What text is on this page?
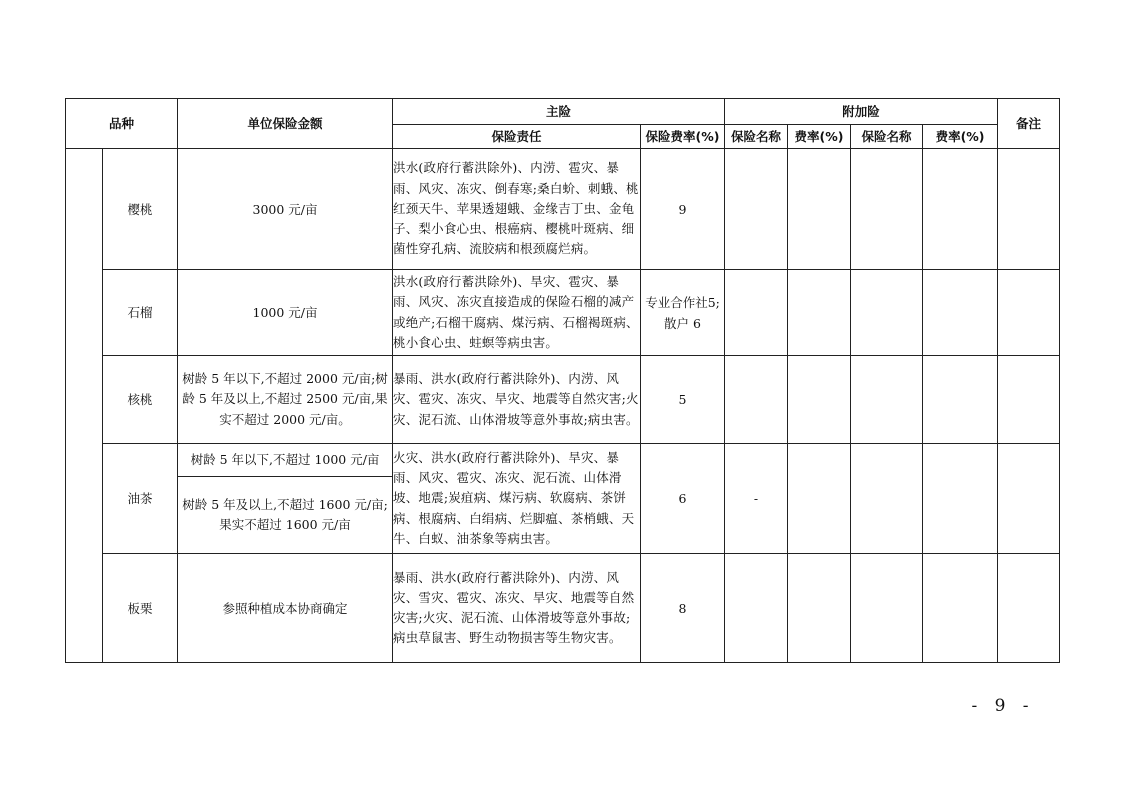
品种		单位保险金额	主险		附加险				备注
			保险责任	保险费率(%)	保险名称	费率(%)	保险名称	费率(%)	
	樱桃	3000 元/亩	洪水(政府行蓄洪除外)、内涝、雹灾、暴雨、风灾、冻灾、倒春寒;桑白蚧、刺蛾、桃红颈天牛、苹果透翅蛾、金缘吉丁虫、金龟子、梨小食心虫、根癌病、樱桃叶斑病、细菌性穿孔病、流胶病和根颈腐烂病。	9					
	石榴	1000 元/亩	洪水(政府行蓄洪除外)、旱灾、雹灾、暴雨、风灾、冻灾直接造成的保险石榴的减产或绝产;石榴干腐病、煤污病、石榴褐斑病、桃小食心虫、蛀螟等病虫害。	专业合作社5;散户 6					
	核桃	树龄 5 年以下,不超过 2000 元/亩;树龄 5 年及以上,不超过 2500 元/亩,果实不超过 2000 元/亩。	暴雨、洪水(政府行蓄洪除外)、内涝、风灾、雹灾、冻灾、旱灾、地震等自然灾害;火灾、泥石流、山体滑坡等意外事故;病虫害。	5					
	油茶	树龄 5 年以下,不超过 1000 元/亩	火灾、洪水(政府行蓄洪除外)、旱灾、暴雨、风灾、雹灾、冻灾、泥石流、山体滑坡、地震;炭疽病、煤污病、软腐病、茶饼病、根腐病、白绢病、烂脚瘟、茶梢蛾、天牛、白蚁、油茶象等病虫害。	6	-				
		树龄 5 年及以上,不超过 1600 元/亩;果实不超过 1600 元/亩							
	板栗	参照种植成本协商确定	暴雨、洪水(政府行蓄洪除外)、内涝、风灾、雪灾、雹灾、冻灾、旱灾、地震等自然灾害;火灾、泥石流、山体滑坡等意外事故;病虫草鼠害、野生动物损害等生物灾害。	8					
- 9 -
